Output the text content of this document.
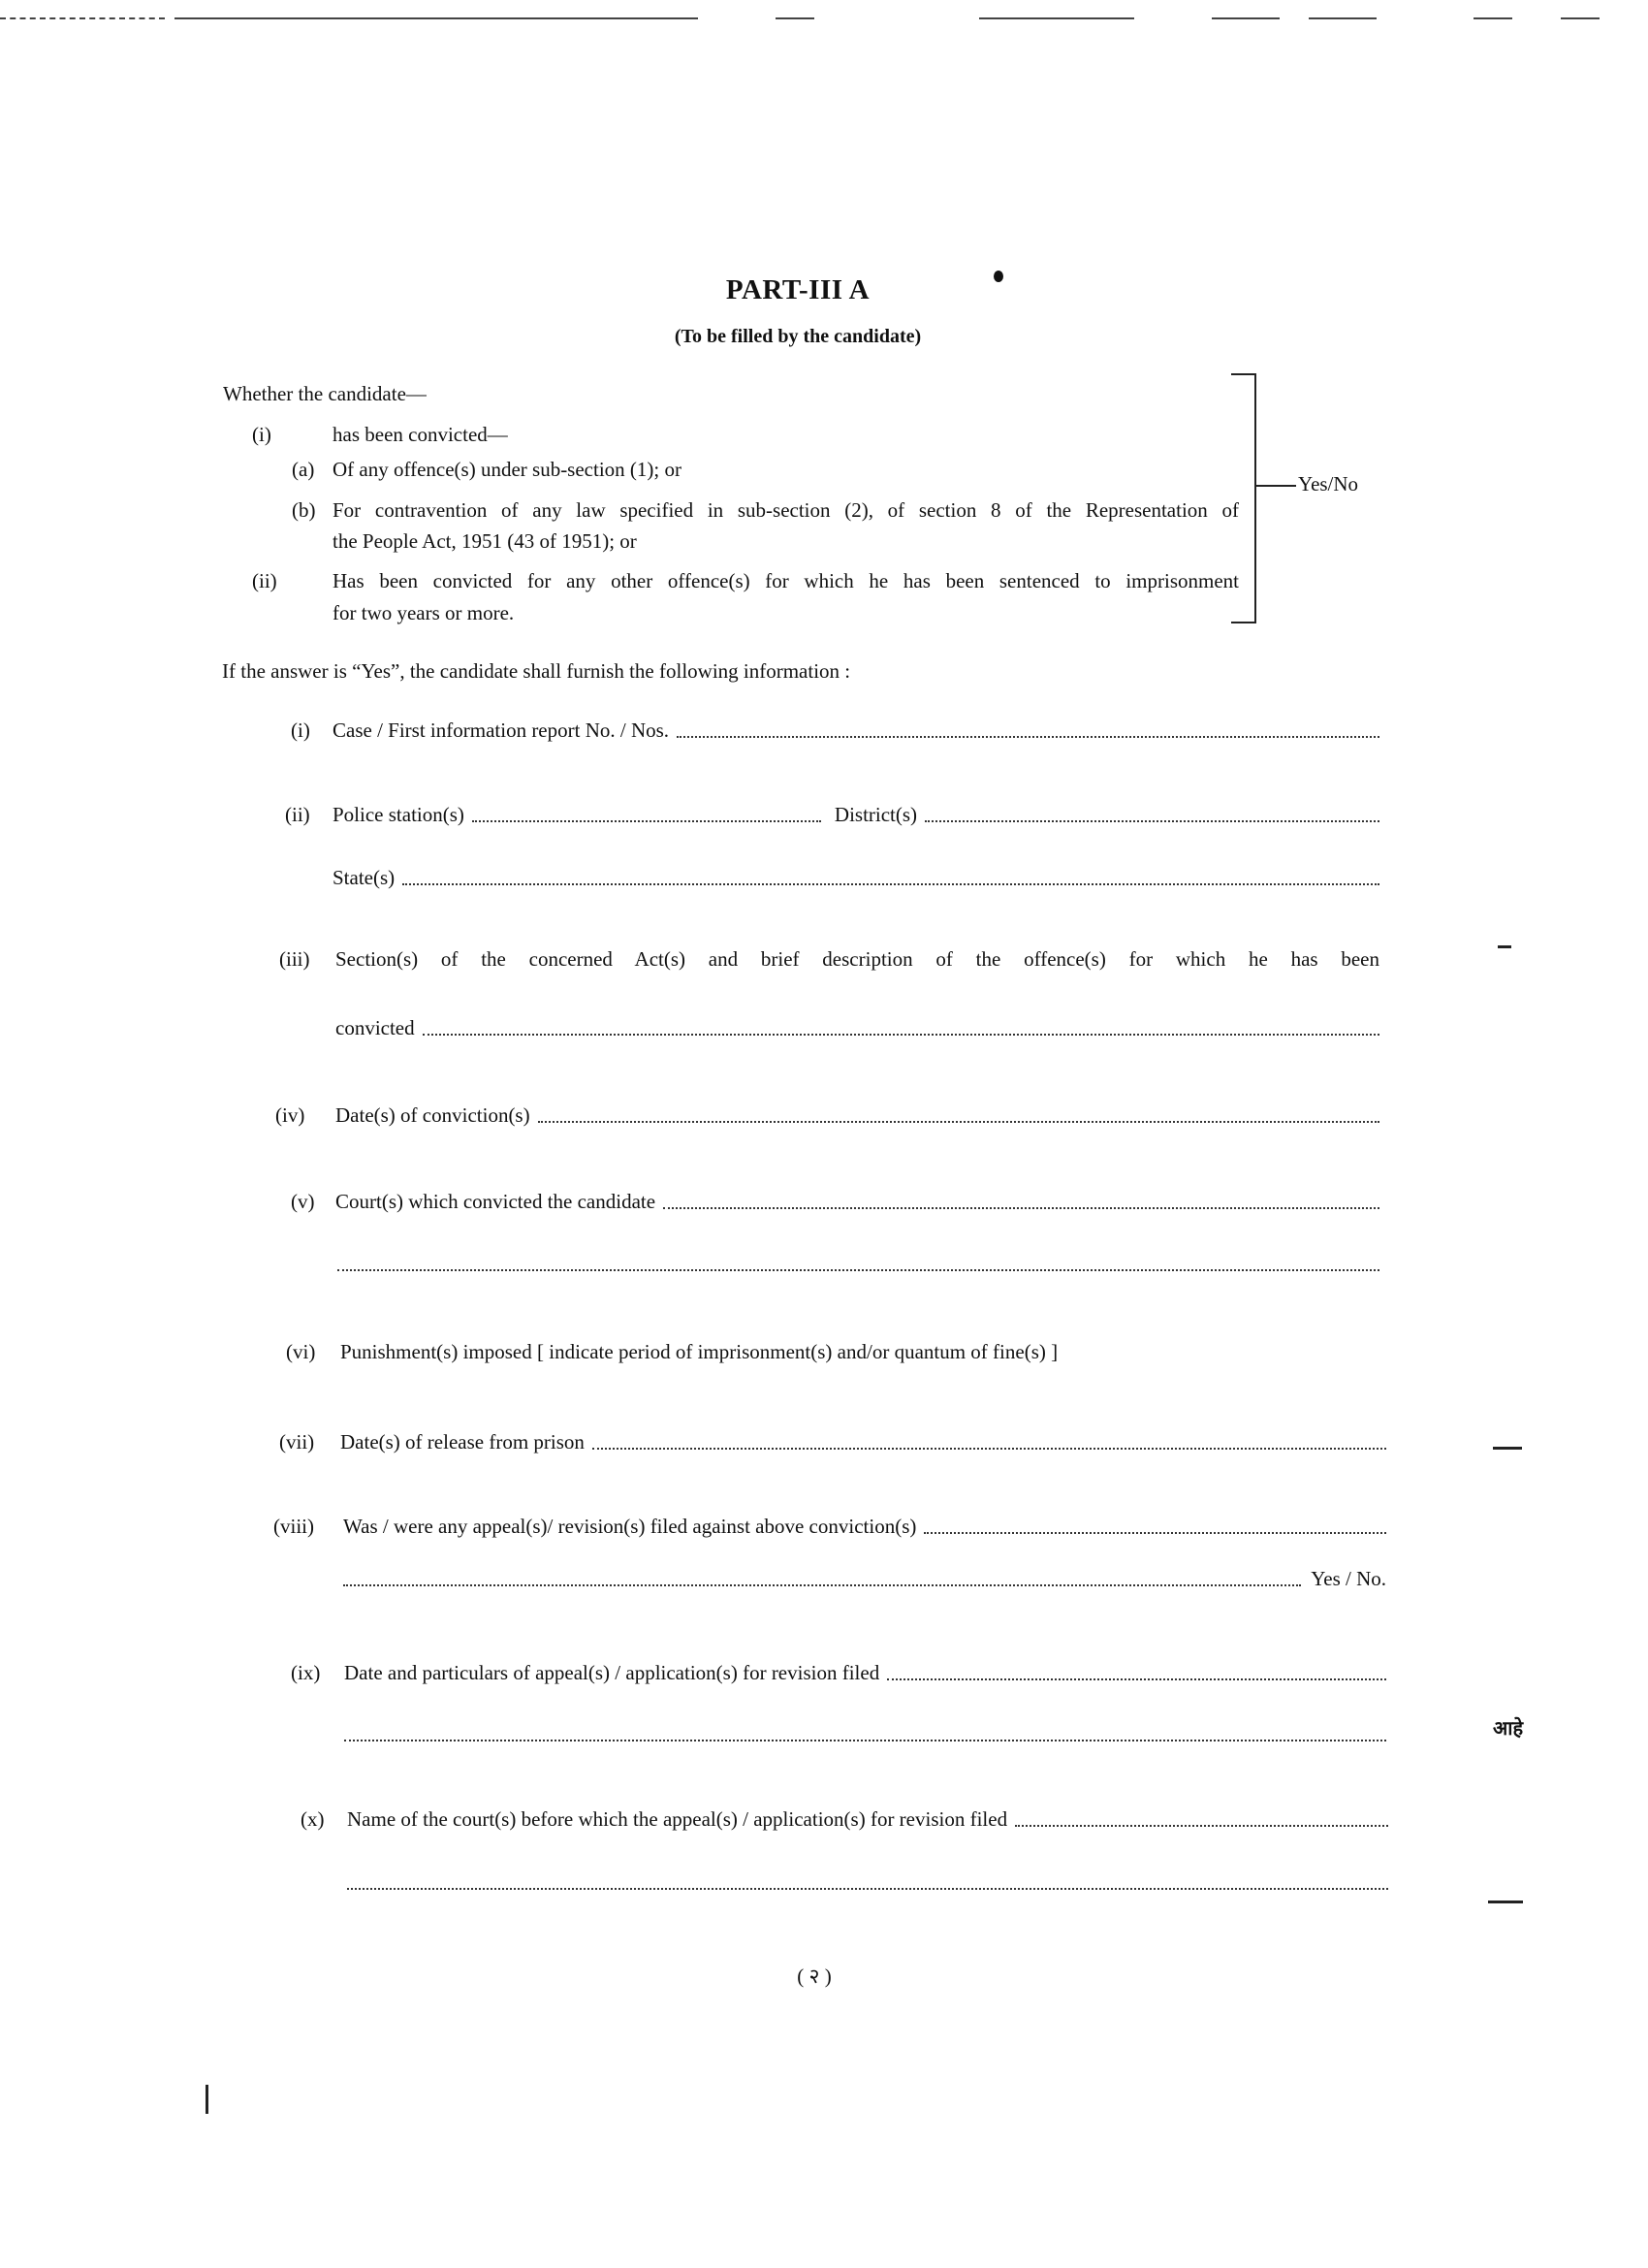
PART-III A
(To be filled by the candidate)
Whether the candidate—
(i)	has been convicted—
(a) Of any offence(s) under sub-section (1); or
(b) For contravention of any law specified in sub-section (2), of section 8 of the Representation of
the People Act, 1951 (43 of 1951); or
(ii)	Has been convicted for any other offence(s) for which he has been sentenced to imprisonment
for two years or more.
Yes/No
If the answer is “Yes”, the candidate shall furnish the following information :
(i)	Case / First information report No. / Nos.
(ii)	Police station(s)	District(s)
State(s)
(iii)	Section(s) of the concerned Act(s) and brief description of the offence(s) for which he has been
convicted
(iv)	Date(s) of conviction(s)
(v)	Court(s) which convicted the candidate
(vi)	Punishment(s) imposed [ indicate period of imprisonment(s) and/or quantum of fine(s) ]
(vii)	Date(s) of release from prison
(viii)	Was / were any appeal(s)/ revision(s) filed against above conviction(s)
Yes / No.
(ix)	Date and particulars of appeal(s) / application(s) for revision filed
(x)	Name of the court(s) before which the appeal(s) / application(s) for revision filed
आहे
( २ )
